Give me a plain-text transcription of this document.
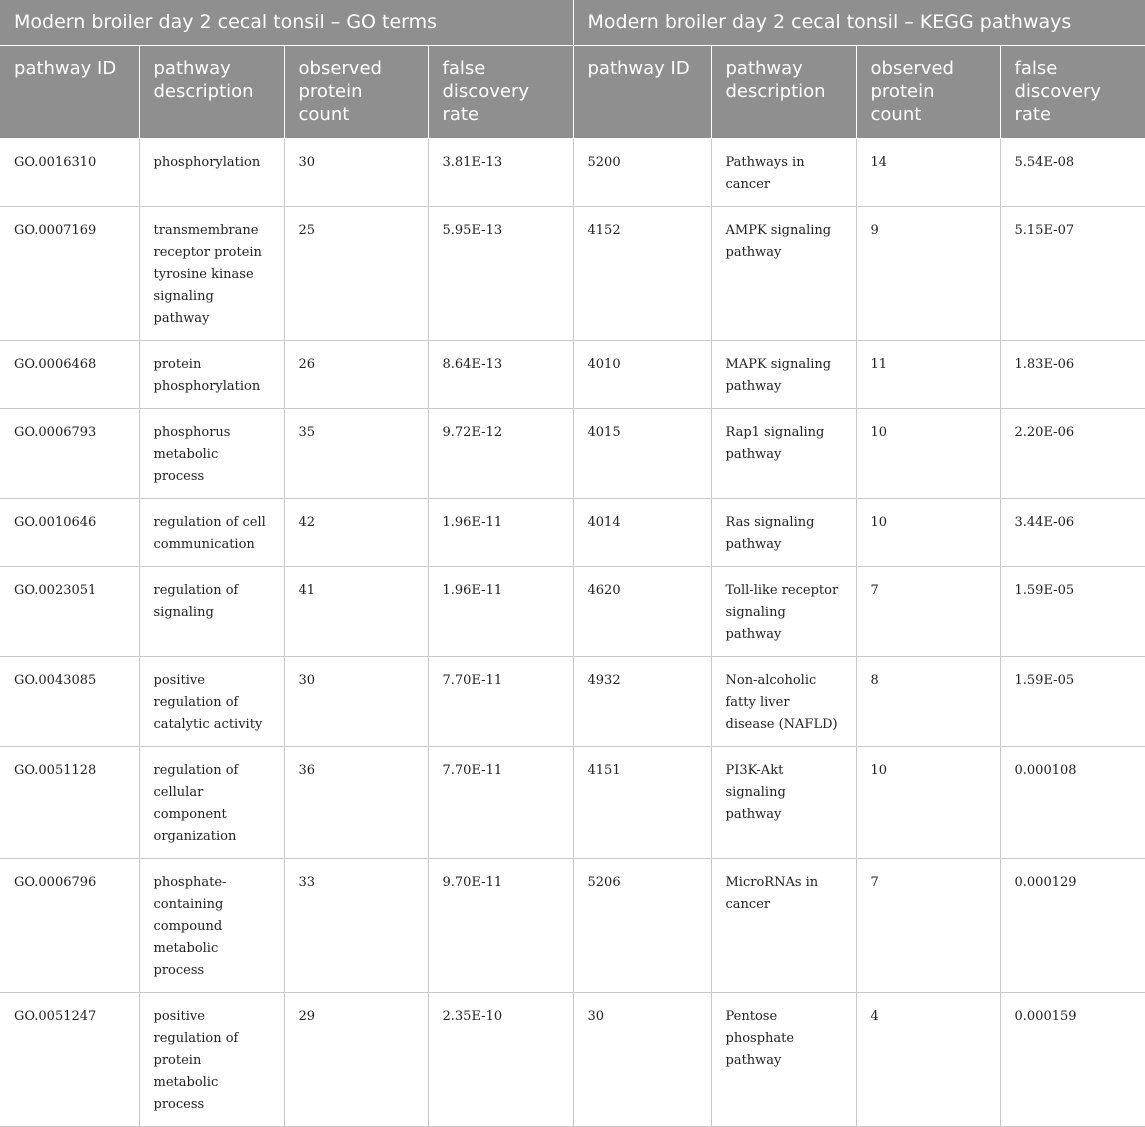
Modern broiler day 2 cecal tonsil – GO terms				Modern broiler day 2 cecal tonsil – KEGG pathways			
pathway ID	pathway description	observed protein count	false discovery rate	pathway ID	pathway description	observed protein count	false discovery rate
GO.0016310	phosphorylation	30	3.81E-13	5200	Pathways in cancer	14	5.54E-08
GO.0007169	transmembrane receptor protein tyrosine kinase signaling pathway	25	5.95E-13	4152	AMPK signaling pathway	9	5.15E-07
GO.0006468	protein phosphorylation	26	8.64E-13	4010	MAPK signaling pathway	11	1.83E-06
GO.0006793	phosphorus metabolic process	35	9.72E-12	4015	Rap1 signaling pathway	10	2.20E-06
GO.0010646	regulation of cell communication	42	1.96E-11	4014	Ras signaling pathway	10	3.44E-06
GO.0023051	regulation of signaling	41	1.96E-11	4620	Toll-like receptor signaling pathway	7	1.59E-05
GO.0043085	positive regulation of catalytic activity	30	7.70E-11	4932	Non-alcoholic fatty liver disease (NAFLD)	8	1.59E-05
GO.0051128	regulation of cellular component organization	36	7.70E-11	4151	PI3K-Akt signaling pathway	10	0.000108
GO.0006796	phosphate-containing compound metabolic process	33	9.70E-11	5206	MicroRNAs in cancer	7	0.000129
GO.0051247	positive regulation of protein metabolic process	29	2.35E-10	30	Pentose phosphate pathway	4	0.000159
